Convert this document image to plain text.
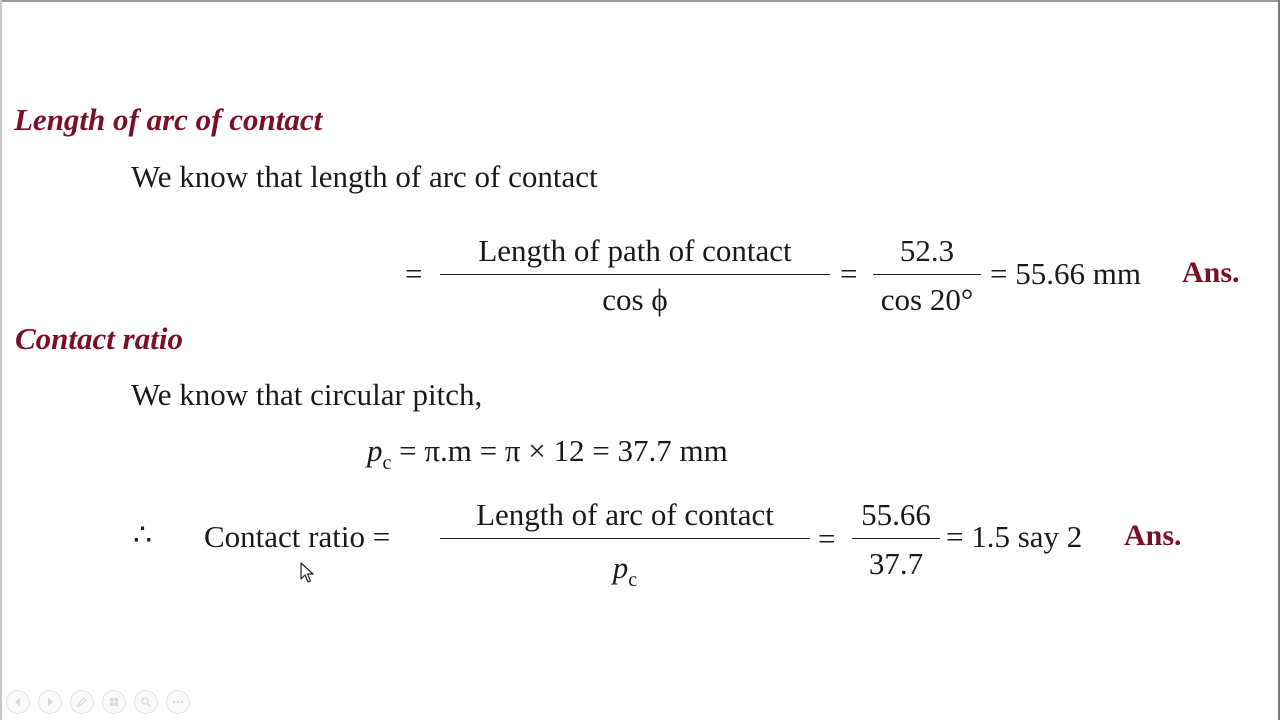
Length of arc of contact
We know that length of arc of contact
=
Length of path of contact
cos ϕ
=
52.3
cos 20°
= 55.66 mm Ans.
Contact ratio
We know that circular pitch,
$p_c = \pi.m = \pi \times 12 = 37.7$ mm
∴ Contact ratio =
Length of arc of contact
$p_c$
=
55.66
37.7
= 1.5 say 2 Ans.
